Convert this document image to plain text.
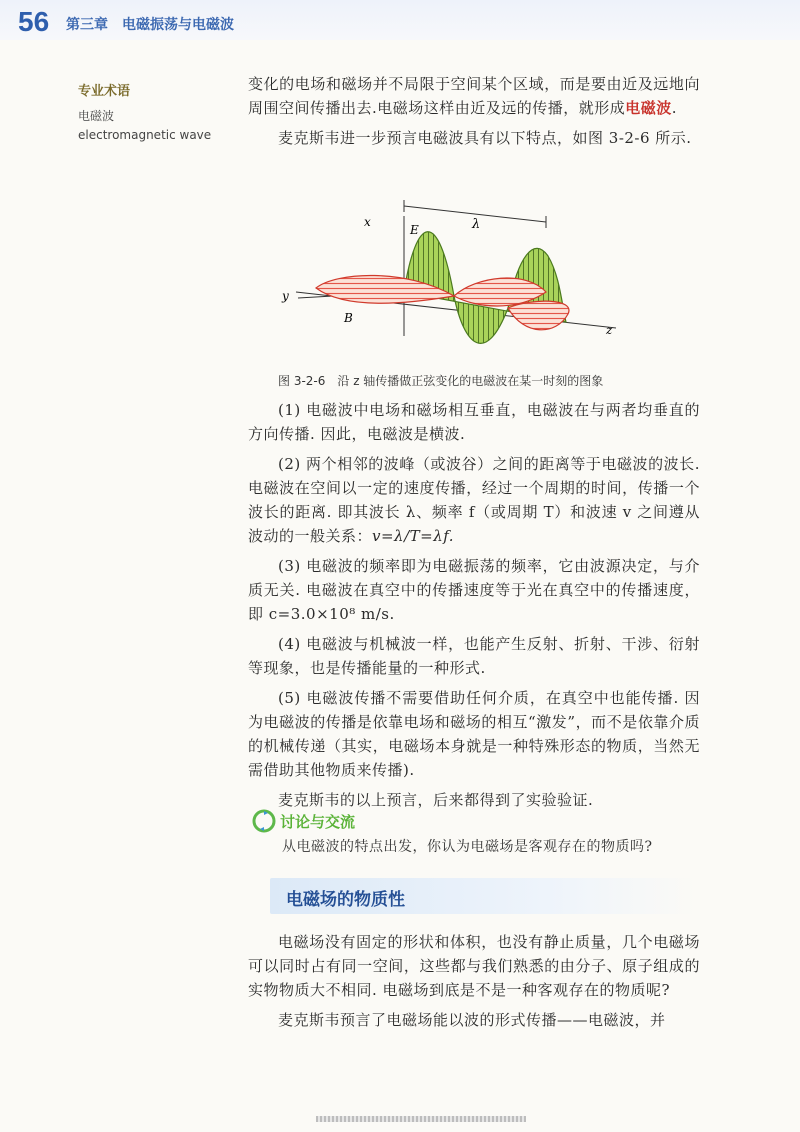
56 第三章　电磁振荡与电磁波
专业术语
电磁波
electromagnetic wave

变化的电场和磁场并不局限于空间某个区域，而是要由近及远地向周围空间传播出去.电磁场这样由近及远的传播，就形成电磁波.

麦克斯韦进一步预言电磁波具有以下特点，如图 3-2-6 所示.

x
E	λ
y
B
z
图 3-2-6　沿 z 轴传播做正弦变化的电磁波在某一时刻的图象

(1) 电磁波中电场和磁场相互垂直，电磁波在与两者均垂直的方向传播. 因此，电磁波是横波.

(2) 两个相邻的波峰（或波谷）之间的距离等于电磁波的波长. 电磁波在空间以一定的速度传播，经过一个周期的时间，传播一个波长的距离. 即其波长 λ、频率 f（或周期 T）和波速 v 之间遵从波动的一般关系：v=λ/T=λf.

(3) 电磁波的频率即为电磁振荡的频率，它由波源决定，与介质无关. 电磁波在真空中的传播速度等于光在真空中的传播速度，即 c=3.0×10⁸ m/s.

(4) 电磁波与机械波一样，也能产生反射、折射、干涉、衍射等现象，也是传播能量的一种形式.

(5) 电磁波传播不需要借助任何介质，在真空中也能传播. 因为电磁波的传播是依靠电场和磁场的相互“激发”，而不是依靠介质的机械传递（其实，电磁场本身就是一种特殊形态的物质，当然无需借助其他物质来传播).

麦克斯韦的以上预言，后来都得到了实验验证.

讨论与交流
从电磁波的特点出发，你认为电磁场是客观存在的物质吗?
电磁场的物质性

电磁场没有固定的形状和体积，也没有静止质量，几个电磁场可以同时占有同一空间，这些都与我们熟悉的由分子、原子组成的实物物质大不相同. 电磁场到底是不是一种客观存在的物质呢?

麦克斯韦预言了电磁场能以波的形式传播——电磁波，并
